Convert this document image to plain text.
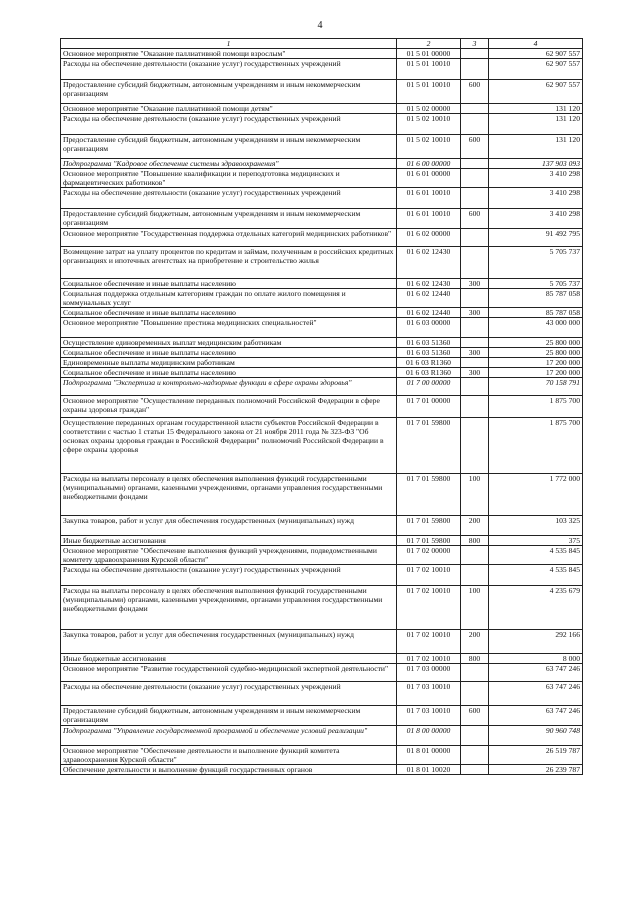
4
1	2	3	4
Основное мероприятие "Оказание паллиативной помощи взрослым"	01 5 01 00000		62 907 557
Расходы на обеспечение деятельности (оказание услуг) государственных учреждений	01 5 01 10010		62 907 557
Предоставление субсидий бюджетным, автономным учреждениям и иным некоммерческим организациям	01 5 01 10010	600	62 907 557
Основное мероприятие "Оказание паллиативной помощи детям"	01 5 02 00000		131 120
Расходы на обеспечение деятельности (оказание услуг) государственных учреждений	01 5 02 10010		131 120
Предоставление субсидий бюджетным, автономным учреждениям и иным некоммерческим организациям	01 5 02 10010	600	131 120
Подпрограмма "Кадровое обеспечение системы здравоохранения"	01 6 00 00000		137 903 093
Основное мероприятие "Повышение квалификации и переподготовка медицинских и фармацевтических работников"	01 6 01 00000		3 410 298
Расходы на обеспечение деятельности (оказание услуг) государственных учреждений	01 6 01 10010		3 410 298
Предоставление субсидий бюджетным, автономным учреждениям и иным некоммерческим организациям	01 6 01 10010	600	3 410 298
Основное мероприятие "Государственная поддержка отдельных категорий медицинских работников"	01 6 02 00000		91 492 795
Возмещение затрат на уплату процентов по кредитам и займам, полученным в российских кредитных организациях и ипотечных агентствах на приобретение и строительство жилья	01 6 02 12430		5 705 737
Социальное обеспечение и иные выплаты населению	01 6 02 12430	300	5 705 737
Социальная поддержка отдельным категориям граждан по оплате жилого помещения и коммунальных услуг	01 6 02 12440		85 787 058
Социальное обеспечение и иные выплаты населению	01 6 02 12440	300	85 787 058
Основное мероприятие "Повышение престижа медицинских специальностей"	01 6 03 00000		43 000 000
Осуществление единовременных выплат медицинским работникам	01 6 03 51360		25 800 000
Социальное обеспечение и иные выплаты населению	01 6 03 51360	300	25 800 000
Единовременные выплаты медицинским работникам	01 6 03 R1360		17 200 000
Социальное обеспечение и иные выплаты населению	01 6 03 R1360	300	17 200 000
Подпрограмма "Экспертиза и контрольно-надзорные функции в сфере охраны здоровья"	01 7 00 00000		70 158 791
Основное мероприятие "Осуществление переданных полномочий Российской Федерации в сфере охраны здоровья граждан"	01 7 01 00000		1 875 700
Осуществление переданных органам государственной власти субъектов Российской Федерации в соответствии с частью 1 статьи 15 Федерального закона от 21 ноября 2011 года № 323-ФЗ "Об основах охраны здоровья граждан в Российской Федерации" полномочий Российской Федерации в сфере охраны здоровья	01 7 01 59800		1 875 700
Расходы на выплаты персоналу в целях обеспечения выполнения функций государственными (муниципальными) органами, казенными учреждениями, органами управления государственными внебюджетными фондами	01 7 01 59800	100	1 772 000
Закупка товаров, работ и услуг для обеспечения государственных (муниципальных) нужд	01 7 01 59800	200	103 325
Иные бюджетные ассигнования	01 7 01 59800	800	375
Основное мероприятие "Обеспечение выполнения функций учреждениями, подведомственными комитету здравоохранения Курской области"	01 7 02 00000		4 535 845
Расходы на обеспечение деятельности (оказание услуг) государственных учреждений	01 7 02 10010		4 535 845
Расходы на выплаты персоналу в целях обеспечения выполнения функций государственными (муниципальными) органами, казенными учреждениями, органами управления государственными внебюджетными фондами	01 7 02 10010	100	4 235 679
Закупка товаров, работ и услуг для обеспечения государственных (муниципальных) нужд	01 7 02 10010	200	292 166
Иные бюджетные ассигнования	01 7 02 10010	800	8 000
Основное мероприятие "Развитие государственной судебно-медицинской экспертной деятельности"	01 7 03 00000		63 747 246
Расходы на обеспечение деятельности (оказание услуг) государственных учреждений	01 7 03 10010		63 747 246
Предоставление субсидий бюджетным, автономным учреждениям и иным некоммерческим организациям	01 7 03 10010	600	63 747 246
Подпрограмма "Управление государственной программой и обеспечение условий реализации"	01 8 00 00000		90 960 748
Основное мероприятие "Обеспечение деятельности и выполнение функций комитета здравоохранения Курской области"	01 8 01 00000		26 519 787
Обеспечение деятельности и выполнение функций государственных органов	01 8 01 10020		26 239 787
